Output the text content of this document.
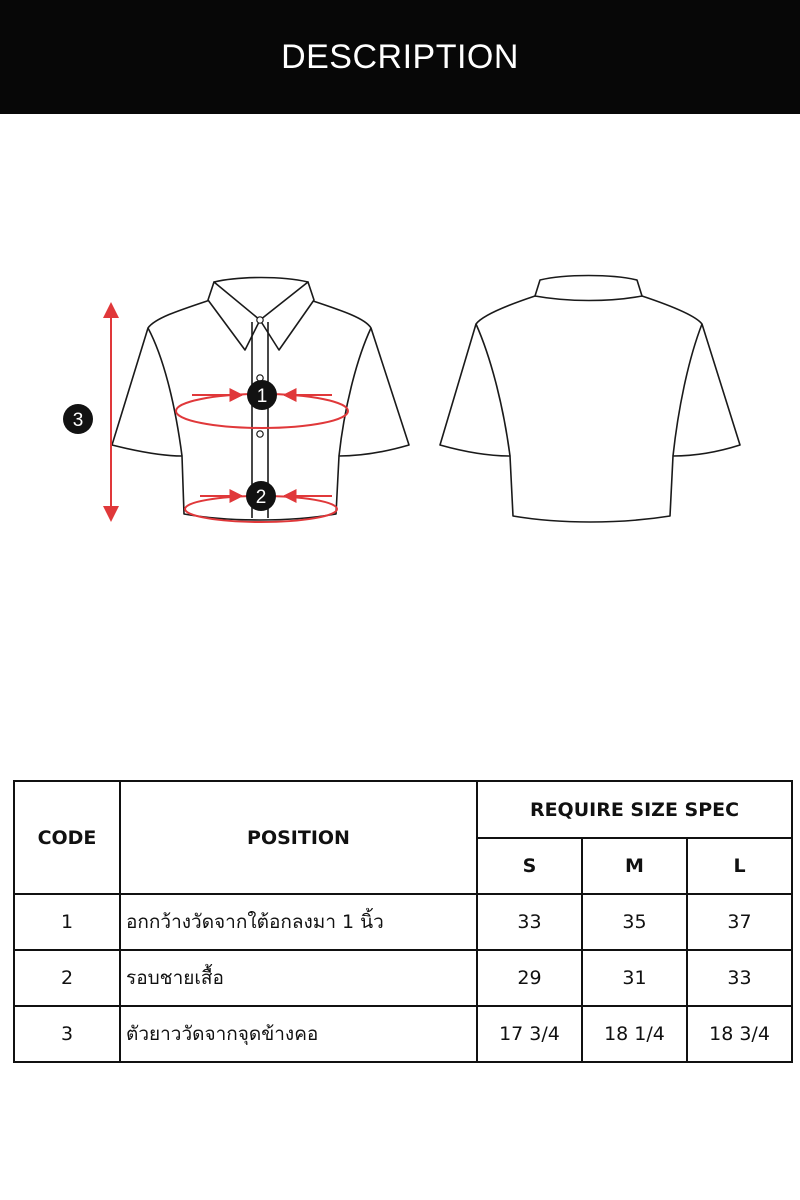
DESCRIPTION
1
2
3
CODE	POSITION	REQUIRE SIZE SPEC		
		S	M	L
1	อกกว้างวัดจากใต้อกลงมา 1 นิ้ว	33	35	37
2	รอบชายเสื้อ	29	31	33
3	ตัวยาววัดจากจุดข้างคอ	17 3/4	18 1/4	18 3/4
